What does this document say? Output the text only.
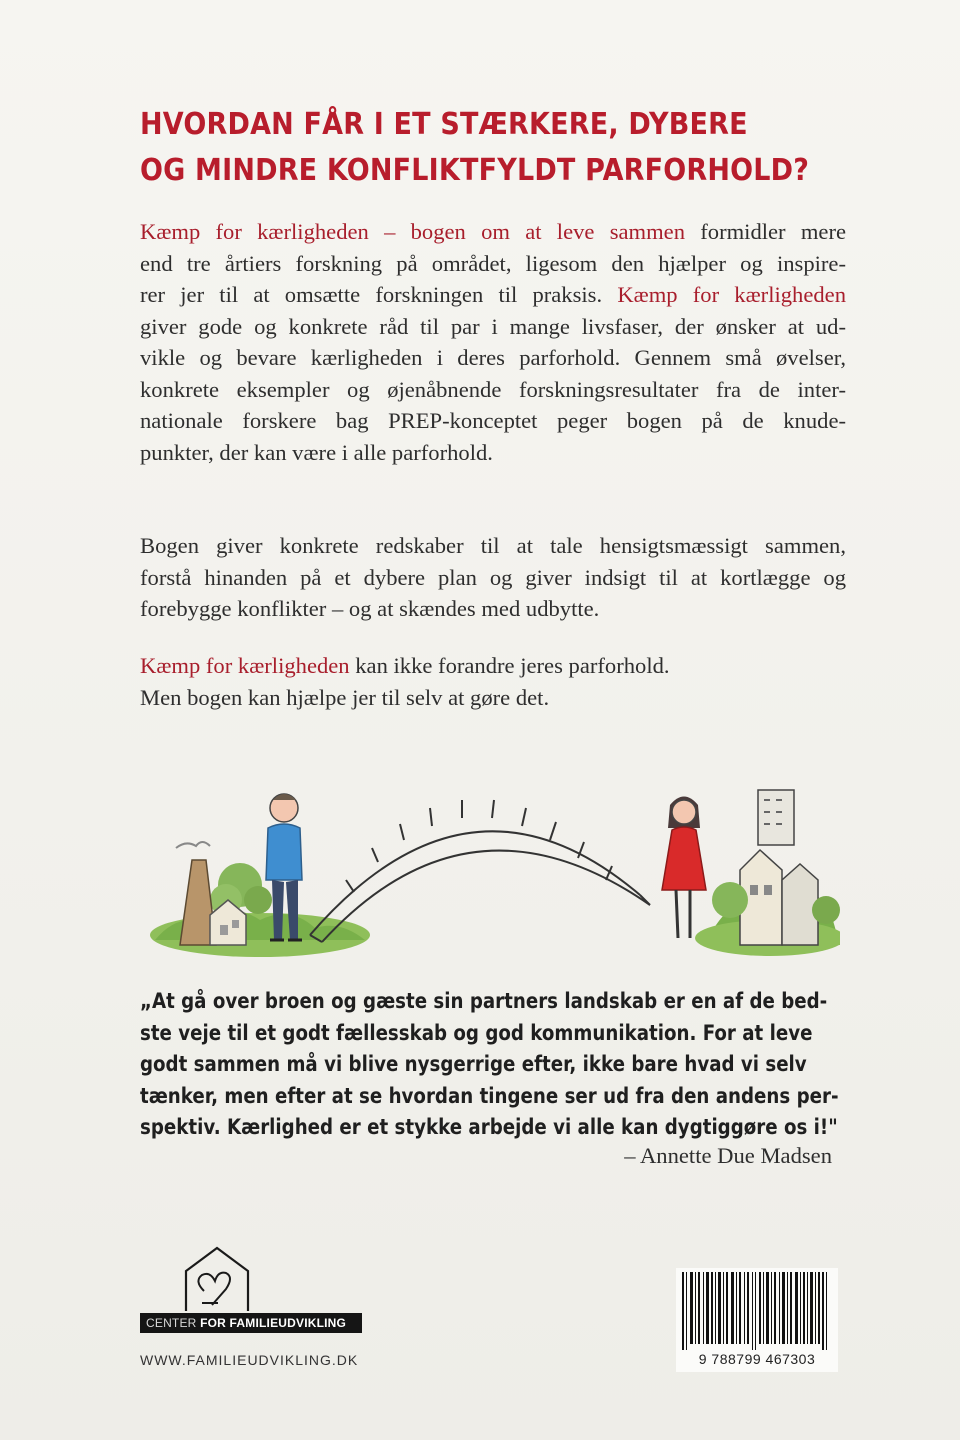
HVORDAN FÅR I ET STÆRKERE, DYBERE
OG MINDRE KONFLIKTFYLDT PARFORHOLD?

Kæmp for kærligheden – bogen om at leve sammen formidler mere
end tre årtiers forskning på området, ligesom den hjælper og inspire-
rer jer til at omsætte forskningen til praksis. Kæmp for kærligheden
giver gode og konkrete råd til par i mange livsfaser, der ønsker at ud-
vikle og bevare kærligheden i deres parforhold. Gennem små øvelser,
konkrete eksempler og øjenåbnende forskningsresultater fra de inter-
nationale forskere bag PREP-konceptet peger bogen på de knude-
punkter, der kan være i alle parforhold.

Bogen giver konkrete redskaber til at tale hensigtsmæssigt sammen,
forstå hinanden på et dybere plan og giver indsigt til at kortlægge og
forebygge konflikter – og at skændes med udbytte.

Kæmp for kærligheden kan ikke forandre jeres parforhold.
Men bogen kan hjælpe jer til selv at gøre det.

„At gå over broen og gæste sin partners landskab er en af de bed-
ste veje til et godt fællesskab og god kommunikation. For at leve
godt sammen må vi blive nysgerrige efter, ikke bare hvad vi selv
tænker, men efter at se hvordan tingene ser ud fra den andens per-
spektiv. Kærlighed er et stykke arbejde vi alle kan dygtiggøre os i!"

– Annette Due Madsen
CENTER FOR FAMILIEUDVIKLING
WWW.FAMILIEUDVIKLING.DK	9 788799 467303
